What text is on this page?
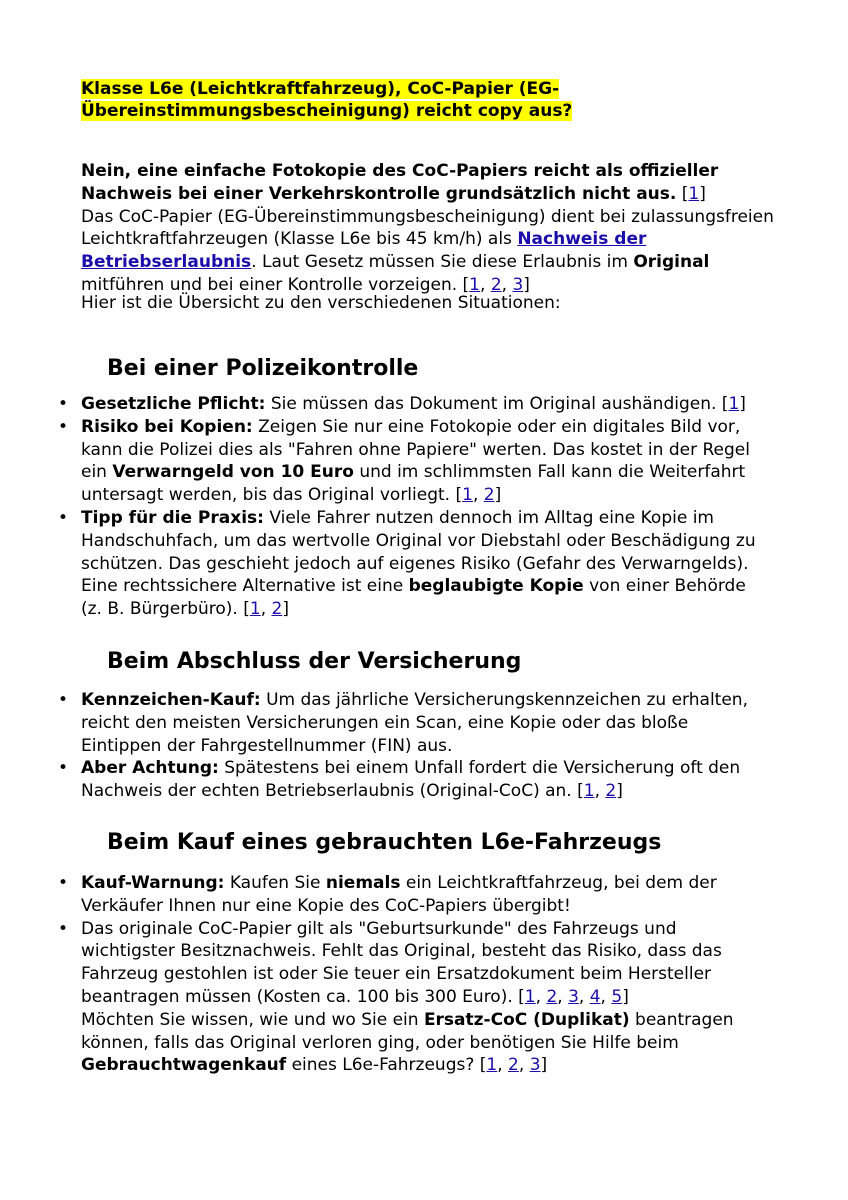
Klasse L6e (Leichtkraftfahrzeug), CoC-Papier (EG-Übereinstimmungsbescheinigung) reicht copy aus?

Nein, eine einfache Fotokopie des CoC-Papiers reicht als offizieller Nachweis bei einer Verkehrskontrolle grundsätzlich nicht aus. [1]
Das CoC-Papier (EG-Übereinstimmungsbescheinigung) dient bei zulassungsfreien Leichtkraftfahrzeugen (Klasse L6e bis 45 km/h) als Nachweis der Betriebserlaubnis. Laut Gesetz müssen Sie diese Erlaubnis im Original mitführen und bei einer Kontrolle vorzeigen. [1, 2, 3]

Hier ist die Übersicht zu den verschiedenen Situationen:

Bei einer Polizeikontrolle
• Gesetzliche Pflicht: Sie müssen das Dokument im Original aushändigen. [1]
• Risiko bei Kopien: Zeigen Sie nur eine Fotokopie oder ein digitales Bild vor, kann die Polizei dies als "Fahren ohne Papiere" werten. Das kostet in der Regel ein Verwarngeld von 10 Euro und im schlimmsten Fall kann die Weiterfahrt untersagt werden, bis das Original vorliegt. [1, 2]
• Tipp für die Praxis: Viele Fahrer nutzen dennoch im Alltag eine Kopie im Handschuhfach, um das wertvolle Original vor Diebstahl oder Beschädigung zu schützen. Das geschieht jedoch auf eigenes Risiko (Gefahr des Verwarngelds). Eine rechtssichere Alternative ist eine beglaubigte Kopie von einer Behörde (z. B. Bürgerbüro). [1, 2]
Beim Abschluss der Versicherung
• Kennzeichen-Kauf: Um das jährliche Versicherungskennzeichen zu erhalten, reicht den meisten Versicherungen ein Scan, eine Kopie oder das bloße Eintippen der Fahrgestellnummer (FIN) aus.
• Aber Achtung: Spätestens bei einem Unfall fordert die Versicherung oft den Nachweis der echten Betriebserlaubnis (Original-CoC) an. [1, 2]
Beim Kauf eines gebrauchten L6e-Fahrzeugs
• Kauf-Warnung: Kaufen Sie niemals ein Leichtkraftfahrzeug, bei dem der Verkäufer Ihnen nur eine Kopie des CoC-Papiers übergibt!
• Das originale CoC-Papier gilt als "Geburtsurkunde" des Fahrzeugs und wichtigster Besitznachweis. Fehlt das Original, besteht das Risiko, dass das Fahrzeug gestohlen ist oder Sie teuer ein Ersatzdokument beim Hersteller beantragen müssen (Kosten ca. 100 bis 300 Euro). [1, 2, 3, 4, 5]
Möchten Sie wissen, wie und wo Sie ein Ersatz-CoC (Duplikat) beantragen können, falls das Original verloren ging, oder benötigen Sie Hilfe beim Gebrauchtwagenkauf eines L6e-Fahrzeugs? [1, 2, 3]
